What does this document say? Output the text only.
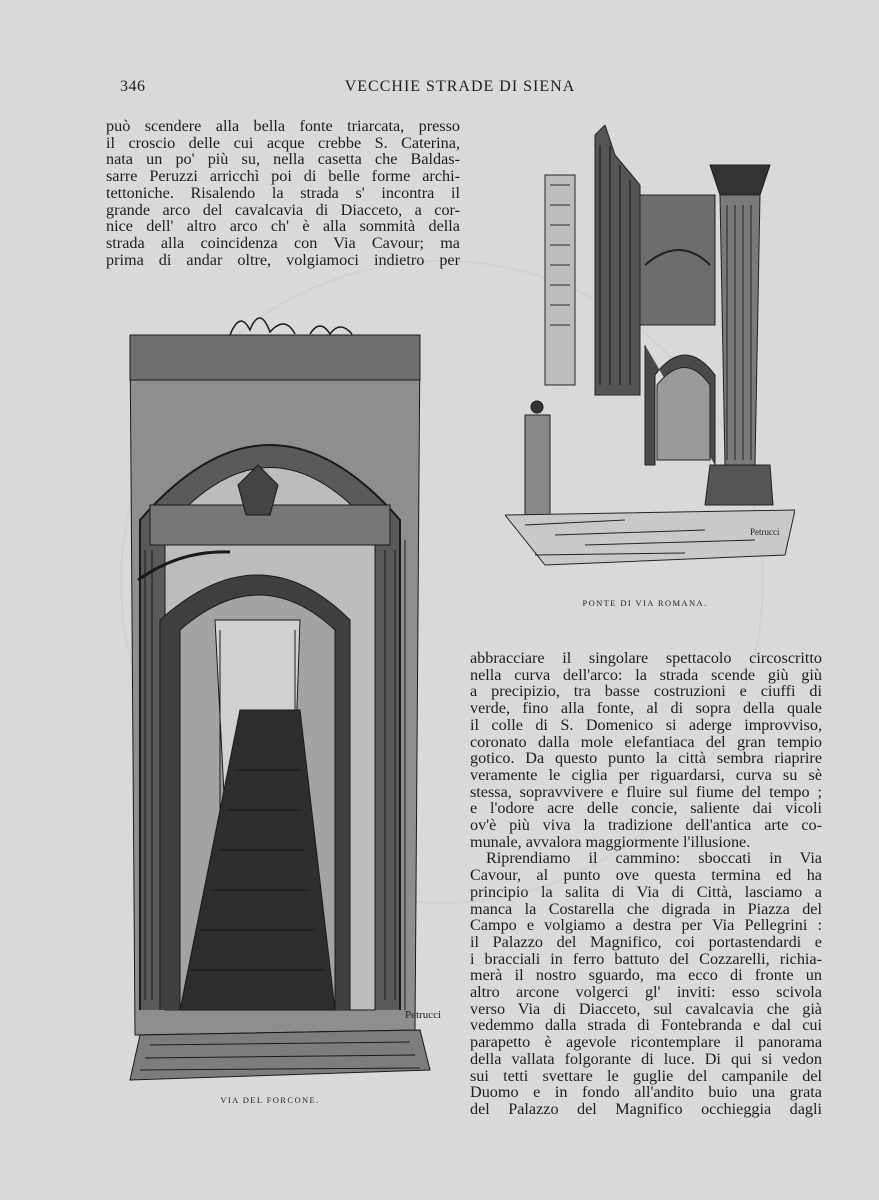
346	VECCHIE STRADE DI SIENA

può scendere alla bella fonte triarcata, presso
il croscio delle cui acque crebbe S. Caterina,
nata un po' più su, nella casetta che Baldas-
sarre Peruzzi arricchì poi di belle forme archi-
tettoniche. Risalendo la strada s' incontra il
grande arco del cavalcavia di Diacceto, a cor-
nice dell' altro arco ch' è alla sommità della
strada alla coincidenza con Via Cavour; ma
prima di andar oltre, volgiamoci indietro per

Petrucci
PONTE DI VIA ROMANA.
Petrucci
VIA DEL FORCONE.

abbracciare il singolare spettacolo circoscritto
nella curva dell'arco: la strada scende giù giù
a precipizio, tra basse costruzioni e ciuffi di
verde, fino alla fonte, al di sopra della quale
il colle di S. Domenico si aderge improvviso,
coronato dalla mole elefantiaca del gran tempio
gotico. Da questo punto la città sembra riaprire
veramente le ciglia per riguardarsi, curva su sè
stessa, sopravvivere e fluire sul fiume del tempo ;
e l'odore acre delle concie, saliente dai vicoli
ov'è più viva la tradizione dell'antica arte co-
munale, avvalora maggiormente l'illusione.

Riprendiamo il cammino: sboccati in Via
Cavour, al punto ove questa termina ed ha
principio la salita di Via di Città, lasciamo a
manca la Costarella che digrada in Piazza del
Campo e volgiamo a destra per Via Pellegrini :
il Palazzo del Magnifico, coi portastendardi e
i bracciali in ferro battuto del Cozzarelli, richia-
merà il nostro sguardo, ma ecco di fronte un
altro arcone volgerci gl' inviti: esso scivola
verso Via di Diacceto, sul cavalcavia che già
vedemmo dalla strada di Fontebranda e dal cui
parapetto è agevole ricontemplare il panorama
della vallata folgorante di luce. Di qui si vedon
sui tetti svettare le guglie del campanile del
Duomo e in fondo all'andito buio una grata
del Palazzo del Magnifico occhieggia dagli
